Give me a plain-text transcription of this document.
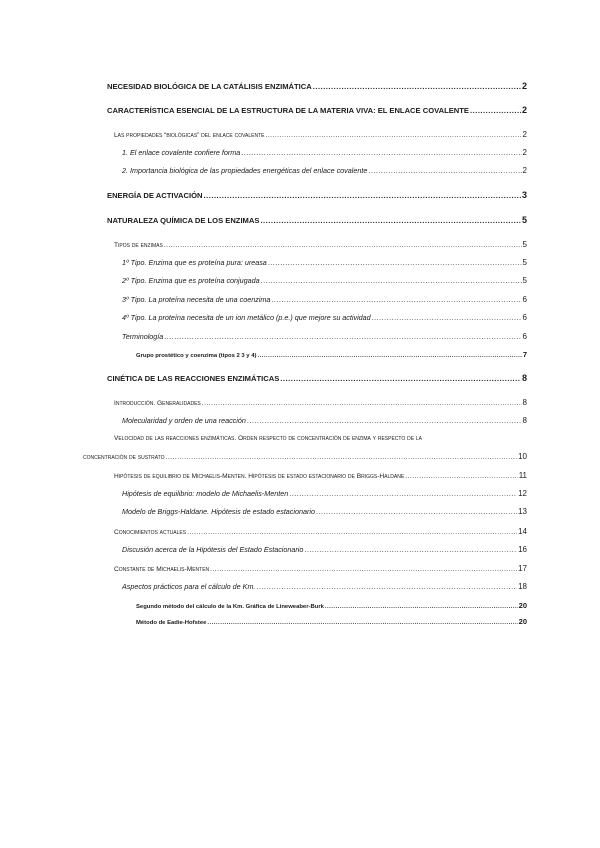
NECESIDAD BIOLÓGICA DE LA CATÁLISIS ENZIMÁTICA .....	2
CARACTERÍSTICA ESENCIAL DE LA ESTRUCTURA DE LA MATERIA VIVA: EL ENLACE COVALENTE .....	2
Las propiedades “biológicas” del enlace covalente .....	2
1. El enlace covalente confiere forma .....	2
2. Importancia biológica de las propiedades energéticas del enlace covalente .....	2
ENERGÍA DE ACTIVACIÓN .....	3
NATURALEZA QUÍMICA DE LOS ENZIMAS .....	5
Tipos de enzimas .....	5
1º Tipo. Enzima que es proteína pura: ureasa .....	5
2º Tipo. Enzima que es proteína conjugada .....	5
3º Tipo. La proteína necesita de una coenzima .....	6
4º Tipo. La proteína necesita de un ion metálico (p.e.) que mejore su actividad .....	6
Terminología .....	6
Grupo prostético y coenzima (tipos 2 3 y 4) .....	7
CINÉTICA DE LAS REACCIONES ENZIMÁTICAS .....	8
Introducción. Generalidades .....	8
Molecularidad y orden de una reacción .....	8
Velocidad de las reacciones enzimáticas. Orden respecto de concentración de enzima y respecto de la
concentración de sustrato .....	10
Hipótesis de equilibrio de Michaelis-Menten. Hipótesis de estado estacionario de Briggs-Haldane .....	11
Hipótesis de equilibrio: modelo de Michaelis-Menten .....	12
Modelo de Briggs-Haldane. Hipótesis de estado estacionario .....	13
Conocimientos actuales .....	14
Discusión acerca de la Hipótesis del Estado Estacionario .....	16
Constante de Michaelis-Menten .....	17
Aspectos prácticos para el cálculo de Km. .....	18
Segundo método del cálculo de la Km. Gráfica de Lineweaber-Burk .....	20
Método de Eadie-Hofstee .....	20
